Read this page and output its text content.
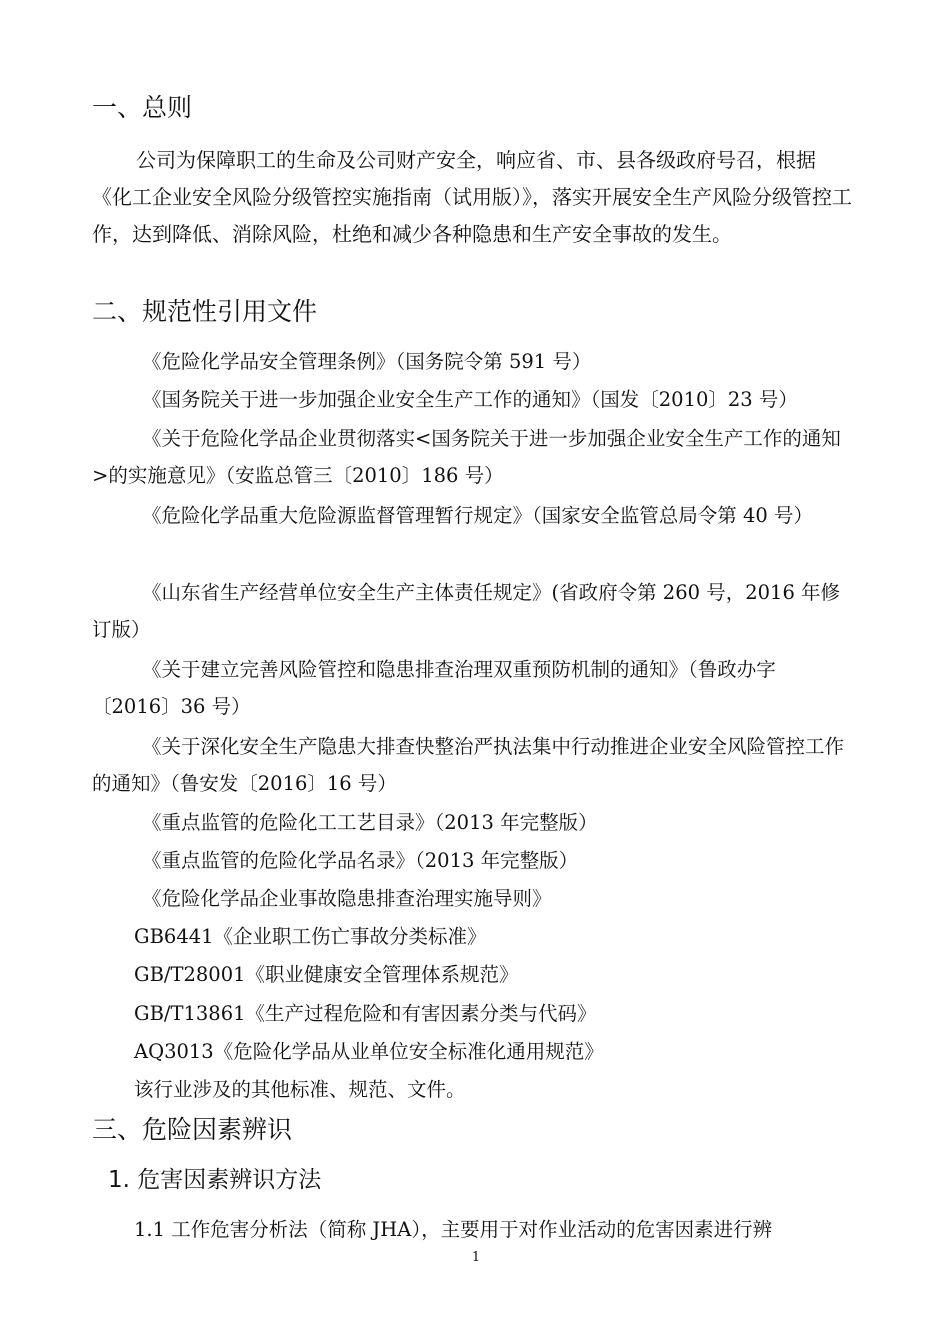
一、总则
公司为保障职工的生命及公司财产安全，响应省、市、县各级政府号召，根据《化工企业安全风险分级管控实施指南（试用版）》，落实开展安全生产风险分级管控工作，达到降低、消除风险，杜绝和减少各种隐患和生产安全事故的发生。
二、规范性引用文件
《危险化学品安全管理条例》（国务院令第 591 号）
《国务院关于进一步加强企业安全生产工作的通知》（国发〔2010〕23 号）
《关于危险化学品企业贯彻落实<国务院关于进一步加强企业安全生产工作的通知>的实施意见》（安监总管三〔2010〕186 号）
《危险化学品重大危险源监督管理暂行规定》（国家安全监管总局令第 40 号）
《山东省生产经营单位安全生产主体责任规定》(省政府令第 260 号，2016 年修订版）
《关于建立完善风险管控和隐患排查治理双重预防机制的通知》（鲁政办字〔2016〕36 号）
《关于深化安全生产隐患大排查快整治严执法集中行动推进企业安全风险管控工作的通知》（鲁安发〔2016〕16 号）
《重点监管的危险化工工艺目录》（2013 年完整版）
《重点监管的危险化学品名录》（2013 年完整版）
《危险化学品企业事故隐患排查治理实施导则》
GB6441《企业职工伤亡事故分类标准》
GB/T28001《职业健康安全管理体系规范》
GB/T13861《生产过程危险和有害因素分类与代码》
AQ3013《危险化学品从业单位安全标准化通用规范》
该行业涉及的其他标准、规范、文件。
三、危险因素辨识
1. 危害因素辨识方法
1.1 工作危害分析法（简称 JHA），主要用于对作业活动的危害因素进行辨
1
